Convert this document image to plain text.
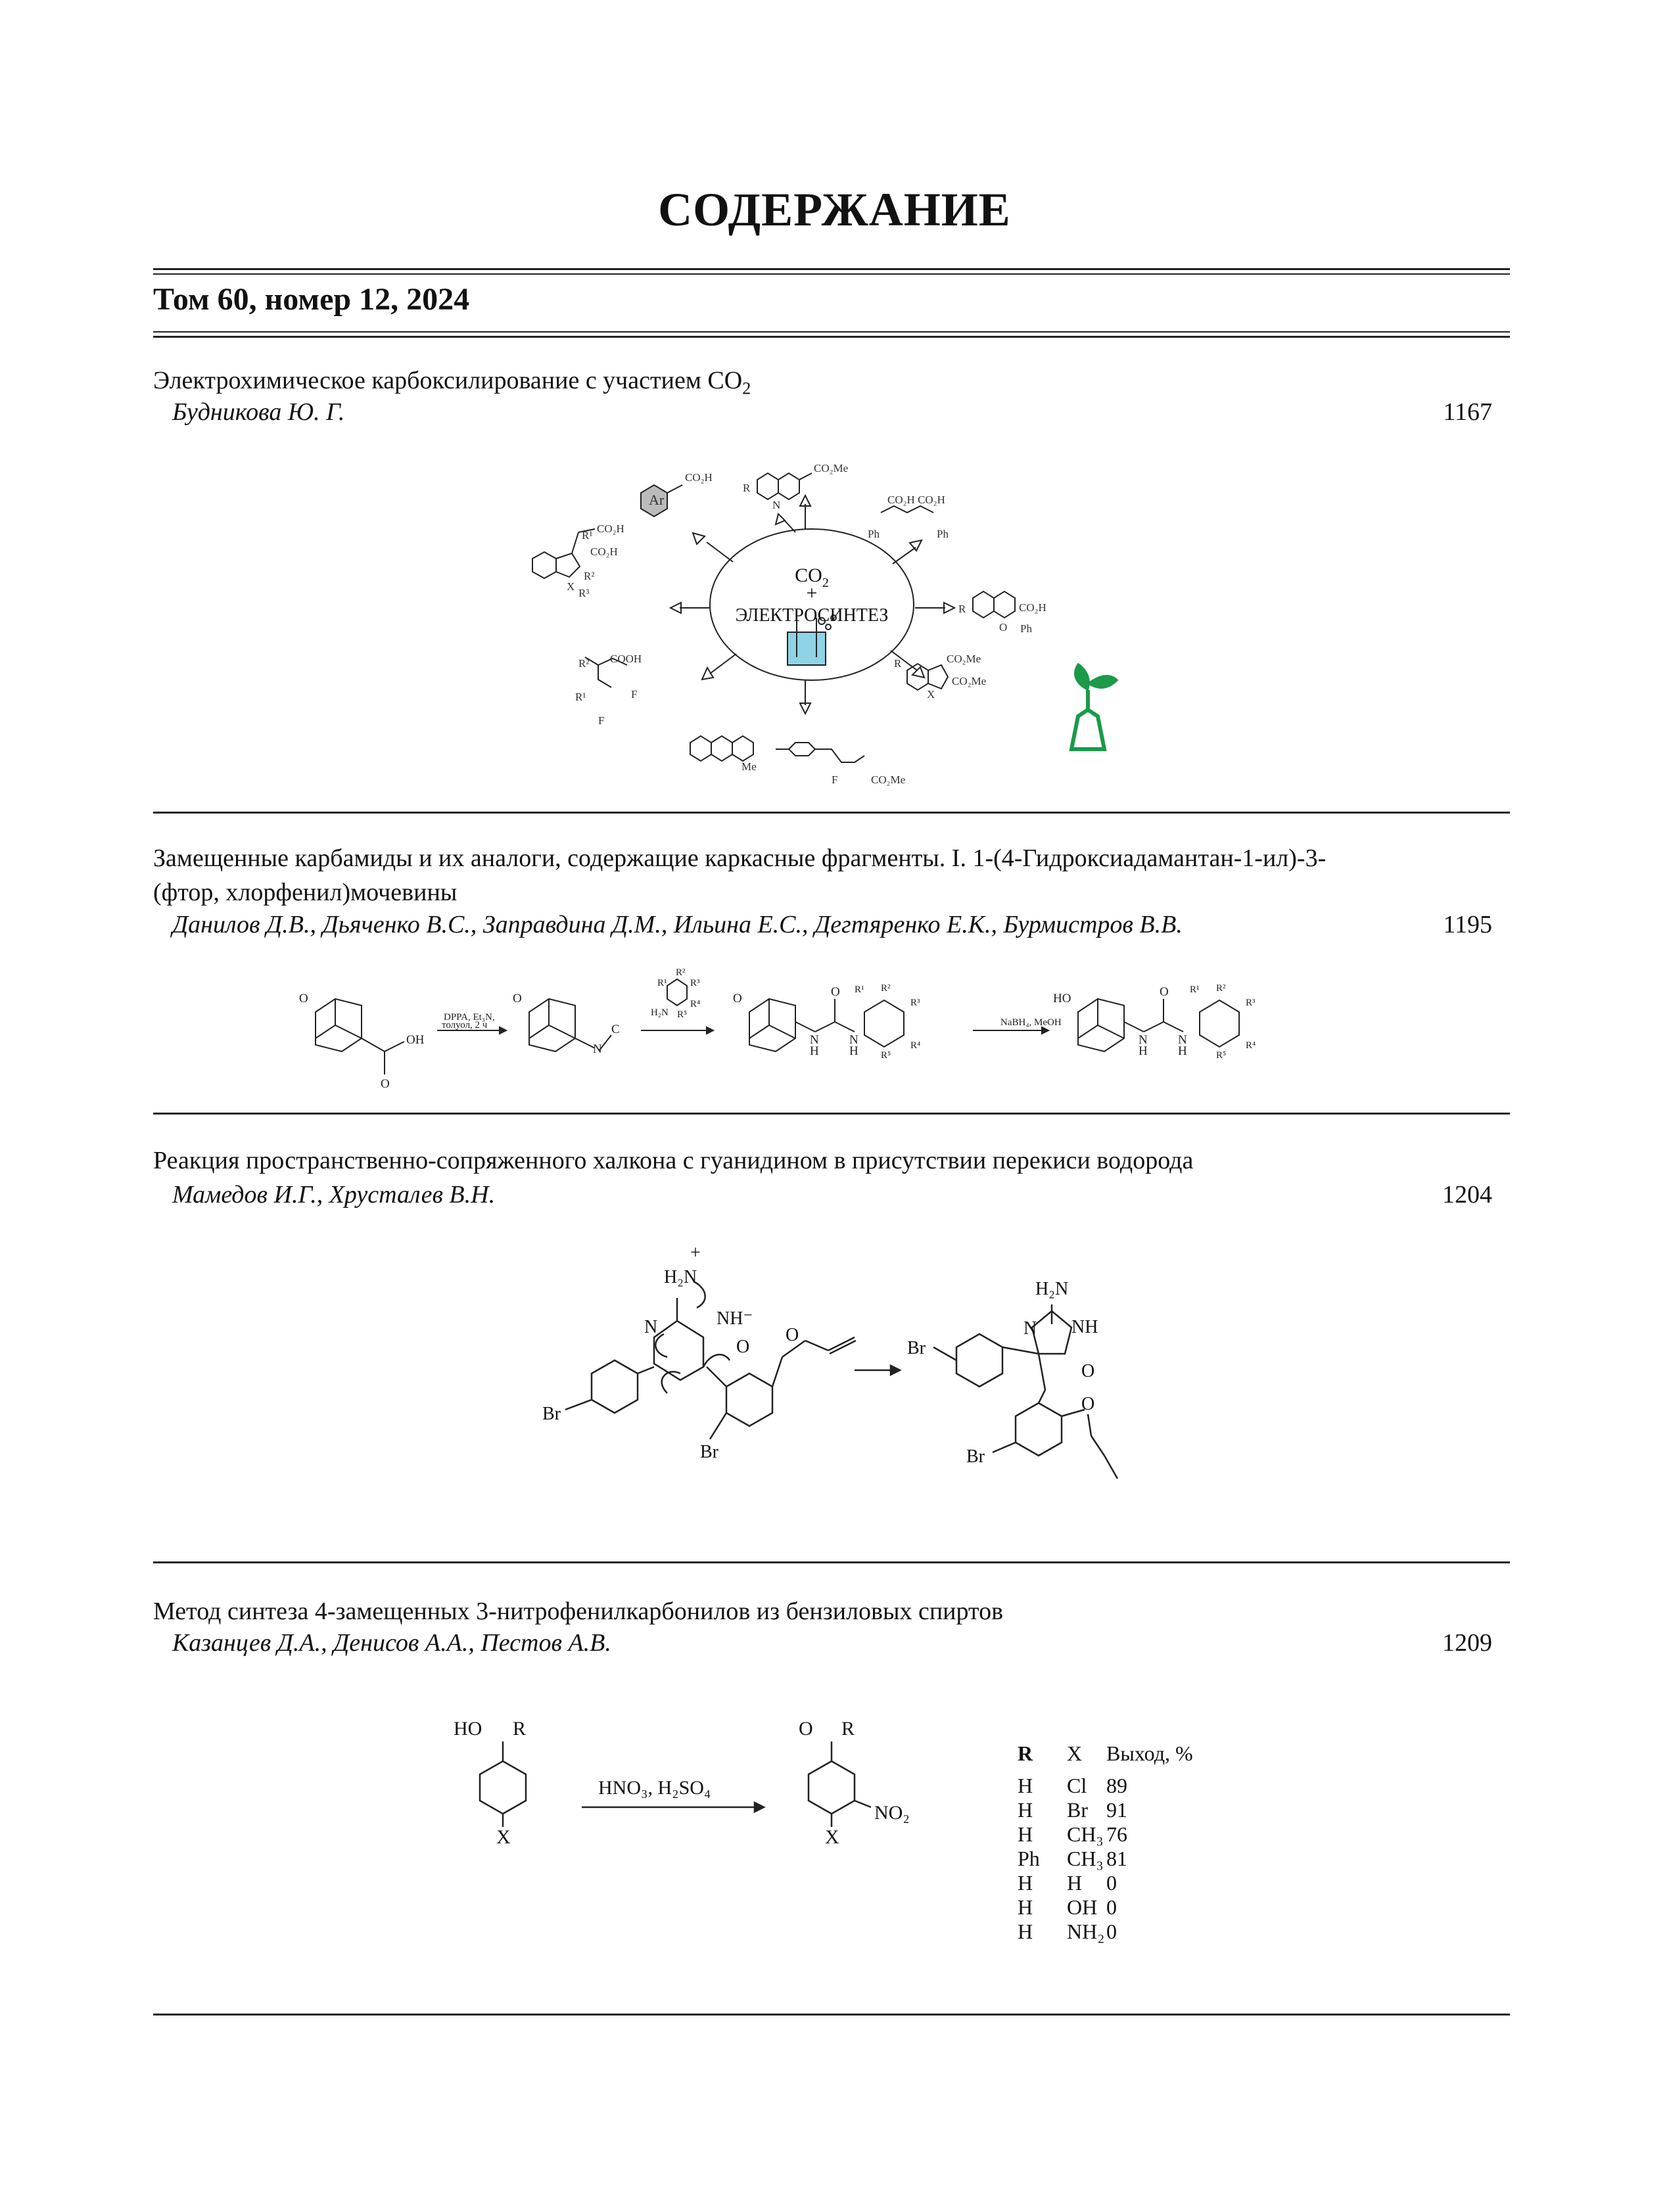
СОДЕРЖАНИЕ
Том 60, номер 12, 2024
Электрохимическое карбоксилирование с участием $СО_2$
Будникова Ю. Г.	1167
$CO_2$
+
ЭЛЕКТРОСИНТЕЗ
Ar
CO₂H
CO₂Me
R
N	CO₂H CO₂H
Ph	Ph
R¹
CO₂H
CO₂H
R²
R³
X
R	CO₂H
O Ph
COOH
R²
R¹	F
F
R	CO₂Me
CO₂Me
X
Me
F	CO₂Me
Замещенные карбамиды и их аналоги, содержащие каркасные фрагменты. I. 1-(4-Гидроксиадамантан-1-ил)-3-
(фтор, хлорфенил)мочевины
Данилов Д.В., Дьяченко В.С., Заправдина Д.М., Ильина Е.С., Дегтяренко Е.К., Бурмистров В.В.	1195
DPPA, Et₃N,
толуол, 2 ч	NaBH₄, MeOH
H₂N
R²
R¹ R³
R⁴
R⁵
R¹ R²
R³
R⁴
R⁵
R¹ R²
R³
R⁴
R⁵
O
OH
O
O
N
C
O
N
H
O
N
H
HO
N
H
O
N
H
Реакция пространственно-сопряженного халкона с гуанидином в присутствии перекиси водорода
Мамедов И.Г., Хрусталев В.Н.	1204
+
H₂N
N	NH⁻
O
O
Br
Br
H₂N
N NH
O
Br
Br
O
Метод синтеза 4-замещенных 3-нитрофенилкарбонилов из бензиловых спиртов
Казанцев Д.А., Денисов А.А., Пестов А.В.	1209
HO R
X
HNO₃, H₂SO₄
O R
X
NO₂
R	X	Выход, %
H	Cl 89
H	Br 91
H	CH₃ 76
Ph	CH₃ 81
H	H	0
H	OH 0
H	NH₂ 0
